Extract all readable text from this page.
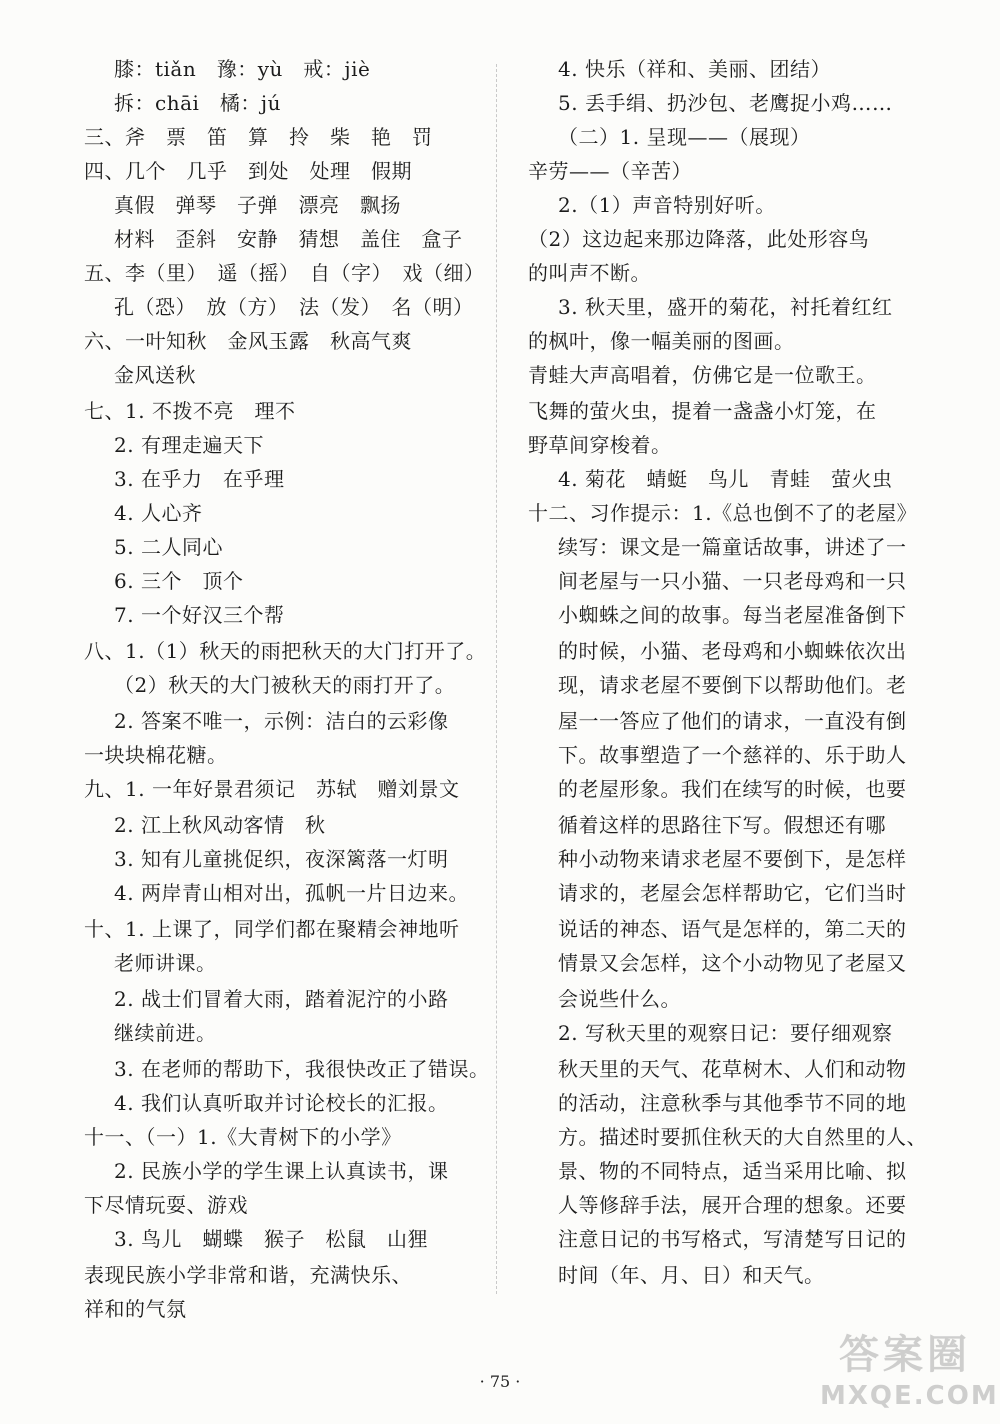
膝：tiǎn　豫：yù　戒：jiè
拆：chāi　橘：jú
三、斧　票　笛　算　拎　柴　艳　罚
四、几个　几乎　到处　处理　假期
真假　弹琴　子弹　漂亮　飘扬
材料　歪斜　安静　猜想　盖住　盒子
五、李（里）　遥（摇）　自（字）　戏（细）
孔（恐）　放（方）　法（发）　名（明）
六、一叶知秋　金风玉露　秋高气爽
金风送秋
七、1. 不拨不亮　理不
2. 有理走遍天下
3. 在乎力　在乎理
4. 人心齐
5. 二人同心
6. 三个　顶个
7. 一个好汉三个帮
八、1.（1）秋天的雨把秋天的大门打开了。
（2）秋天的大门被秋天的雨打开了。
2. 答案不唯一，示例：洁白的云彩像
一块块棉花糖。
九、1. 一年好景君须记　苏轼　赠刘景文
2. 江上秋风动客情　秋
3. 知有儿童挑促织，夜深篱落一灯明
4. 两岸青山相对出，孤帆一片日边来。
十、1. 上课了，同学们都在聚精会神地听
老师讲课。
2. 战士们冒着大雨，踏着泥泞的小路
继续前进。
3. 在老师的帮助下，我很快改正了错误。
4. 我们认真听取并讨论校长的汇报。
十一、（一）1.《大青树下的小学》
2. 民族小学的学生课上认真读书，课
下尽情玩耍、游戏
3. 鸟儿　蝴蝶　猴子　松鼠　山狸
表现民族小学非常和谐，充满快乐、
祥和的气氛
4. 快乐（祥和、美丽、团结）
5. 丢手绢、扔沙包、老鹰捉小鸡……
（二）1. 呈现——（展现）
辛劳——（辛苦）
2.（1）声音特别好听。
（2）这边起来那边降落，此处形容鸟
的叫声不断。
3. 秋天里，盛开的菊花，衬托着红红
的枫叶，像一幅美丽的图画。
青蛙大声高唱着，仿佛它是一位歌王。
飞舞的萤火虫，提着一盏盏小灯笼，在
野草间穿梭着。
4. 菊花　蜻蜓　鸟儿　青蛙　萤火虫
十二、习作提示：1.《总也倒不了的老屋》
续写：课文是一篇童话故事，讲述了一
间老屋与一只小猫、一只老母鸡和一只
小蜘蛛之间的故事。每当老屋准备倒下
的时候，小猫、老母鸡和小蜘蛛依次出
现，请求老屋不要倒下以帮助他们。老
屋一一答应了他们的请求，一直没有倒
下。故事塑造了一个慈祥的、乐于助人
的老屋形象。我们在续写的时候，也要
循着这样的思路往下写。假想还有哪
种小动物来请求老屋不要倒下，是怎样
请求的，老屋会怎样帮助它，它们当时
说话的神态、语气是怎样的，第二天的
情景又会怎样，这个小动物见了老屋又
会说些什么。
2. 写秋天里的观察日记：要仔细观察
秋天里的天气、花草树木、人们和动物
的活动，注意秋季与其他季节不同的地
方。描述时要抓住秋天的大自然里的人、
景、物的不同特点，适当采用比喻、拟
人等修辞手法，展开合理的想象。还要
注意日记的书写格式，写清楚写日记的
时间（年、月、日）和天气。
· 75 ·
答案圈
MXQE.COM
